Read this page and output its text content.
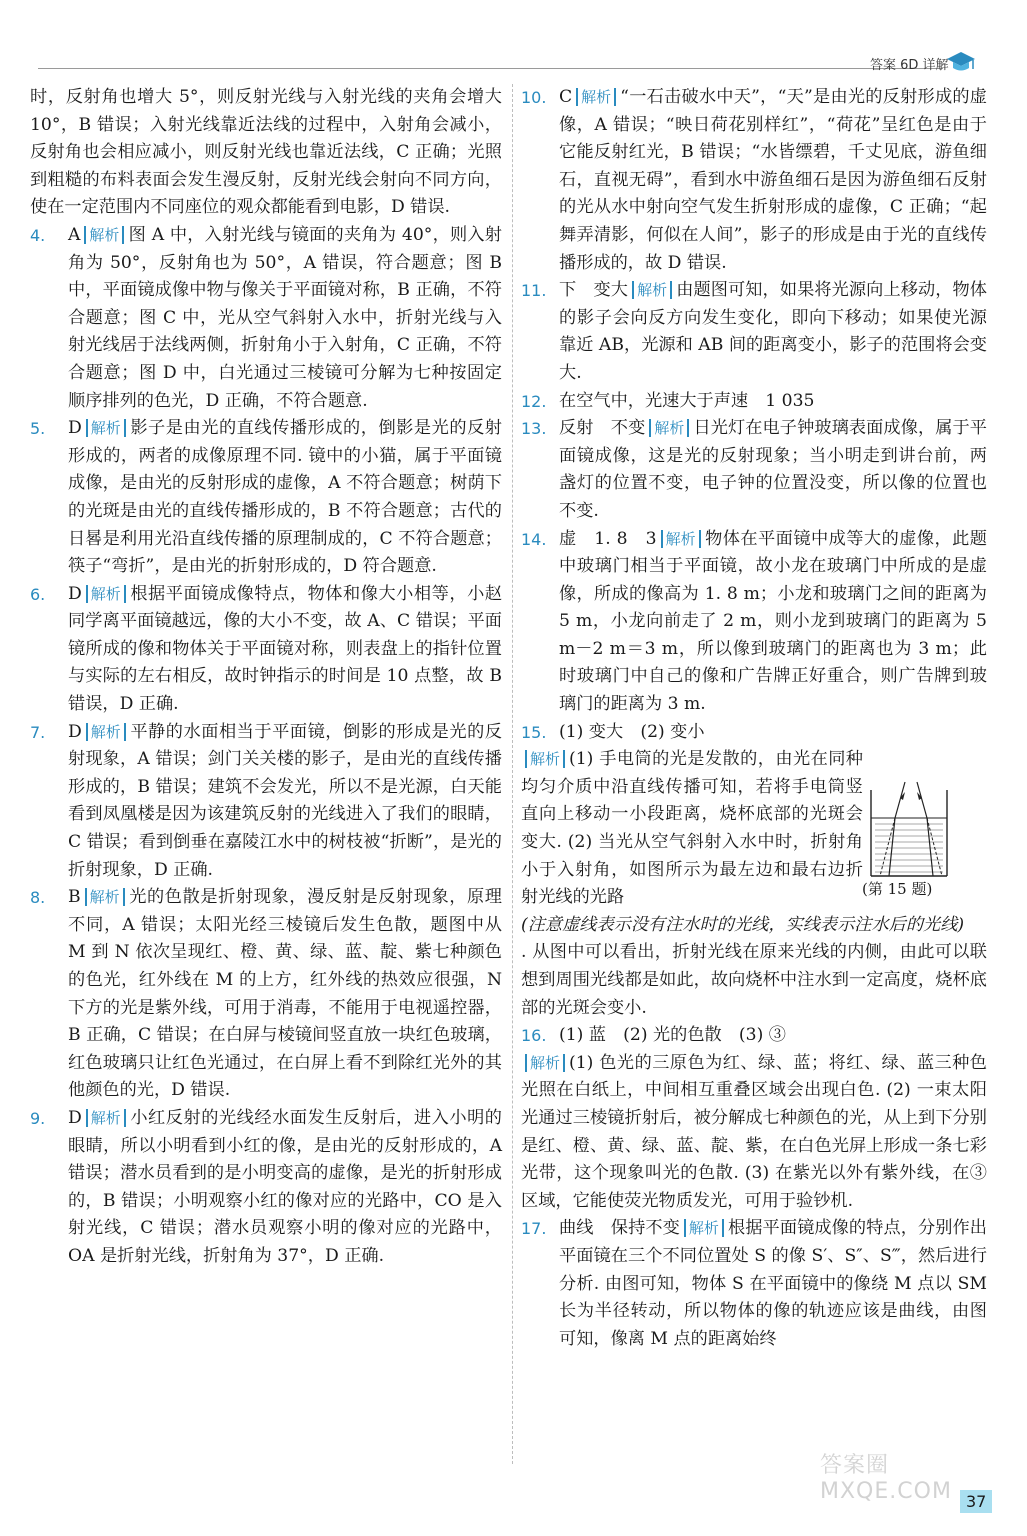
答案 6D 详解

时，反射角也增大 5°，则反射光线与入射光线的夹角会增大 10°，B 错误；入射光线靠近法线的过程中，入射角会减小，反射角也会相应减小，则反射光线也靠近法线，C 正确；光照到粗糙的布料表面会发生漫反射，反射光线会射向不同方向，使在一定范围内不同座位的观众都能看到电影，D 错误.

4. A 解析 图 A 中，入射光线与镜面的夹角为 40°，则入射角为 50°，反射角也为 50°，A 错误，符合题意；图 B 中，平面镜成像中物与像关于平面镜对称，B 正确，不符合题意；图 C 中，光从空气斜射入水中，折射光线与入射光线居于法线两侧，折射角小于入射角，C 正确，不符合题意；图 D 中，白光通过三棱镜可分解为七种按固定顺序排列的色光，D 正确，不符合题意.

5. D 解析 影子是由光的直线传播形成的，倒影是光的反射形成的，两者的成像原理不同. 镜中的小猫，属于平面镜成像，是由光的反射形成的虚像，A 不符合题意；树荫下的光斑是由光的直线传播形成的，B 不符合题意；古代的日晷是利用光沿直线传播的原理制成的，C 不符合题意；筷子“弯折”，是由光的折射形成的，D 符合题意.

6. D 解析 根据平面镜成像特点，物体和像大小相等，小赵同学离平面镜越远，像的大小不变，故 A、C 错误；平面镜所成的像和物体关于平面镜对称，则表盘上的指针位置与实际的左右相反，故时钟指示的时间是 10 点整，故 B 错误，D 正确.

7. D 解析 平静的水面相当于平面镜，倒影的形成是光的反射现象，A 错误；剑门关关楼的影子，是由光的直线传播形成的，B 错误；建筑不会发光，所以不是光源，白天能看到凤凰楼是因为该建筑反射的光线进入了我们的眼睛，C 错误；看到倒垂在嘉陵江水中的树枝被“折断”，是光的折射现象，D 正确.

8. B 解析 光的色散是折射现象，漫反射是反射现象，原理不同，A 错误；太阳光经三棱镜后发生色散，题图中从 M 到 N 依次呈现红、橙、黄、绿、蓝、靛、紫七种颜色的色光，红外线在 M 的上方，红外线的热效应很强，N 下方的光是紫外线，可用于消毒，不能用于电视遥控器，B 正确，C 错误；在白屏与棱镜间竖直放一块红色玻璃，红色玻璃只让红色光通过，在白屏上看不到除红光外的其他颜色的光，D 错误.

9. D 解析 小红反射的光线经水面发生反射后，进入小明的眼睛，所以小明看到小红的像，是由光的反射形成的，A 错误；潜水员看到的是小明变高的虚像，是光的折射形成的，B 错误；小明观察小红的像对应的光路中，CO 是入射光线，C 错误；潜水员观察小明的像对应的光路中，OA 是折射光线，折射角为 37°，D 正确.

10. C 解析 “一石击破水中天”，“天”是由光的反射形成的虚像，A 错误；“映日荷花别样红”，“荷花”呈红色是由于它能反射红光，B 错误；“水皆缥碧，千丈见底，游鱼细石，直视无碍”，看到水中游鱼细石是因为游鱼细石反射的光从水中射向空气发生折射形成的虚像，C 正确；“起舞弄清影，何似在人间”，影子的形成是由于光的直线传播形成的，故 D 错误.

11. 下　变大 解析 由题图可知，如果将光源向上移动，物体的影子会向反方向发生变化，即向下移动；如果使光源靠近 AB，光源和 AB 间的距离变小，影子的范围将会变大.

12. 在空气中，光速大于声速　1 035

13. 反射　不变 解析 日光灯在电子钟玻璃表面成像，属于平面镜成像，这是光的反射现象；当小明走到讲台前，两盏灯的位置不变，电子钟的位置没变，所以像的位置也不变.

14. 虚　1. 8　3 解析 物体在平面镜中成等大的虚像，此题中玻璃门相当于平面镜，故小龙在玻璃门中所成的是虚像，所成的像高为 1. 8 m；小龙和玻璃门之间的距离为 5 m，小龙向前走了 2 m，则小龙到玻璃门的距离为 5 m－2 m＝3 m，所以像到玻璃门的距离也为 3 m；此时玻璃门中自己的像和广告牌正好重合，则广告牌到玻璃门的距离为 3 m.

15. (1) 变大　(2) 变小

解析 (1) 手电筒的光是发散的，由光在同种均匀介质中沿直线传播可知，若将手电筒竖直向上移动一小段距离，烧杯底部的光斑会变大. (2) 当光从空气斜射入水中时，折射角小于入射角，如图所示为最左边和最右边折射光线的光路

(注意虚线表示没有注水时的光线，实线表示注水后的光线)

. 从图中可以看出，折射光线在原来光线的内侧，由此可以联想到周围光线都是如此，故向烧杯中注水到一定高度，烧杯底部的光斑会变小.

16. (1) 蓝　(2) 光的色散　(3) ③

解析 (1) 色光的三原色为红、绿、蓝；将红、绿、蓝三种色光照在白纸上，中间相互重叠区域会出现白色. (2) 一束太阳光通过三棱镜折射后，被分解成七种颜色的光，从上到下分别是红、橙、黄、绿、蓝、靛、紫，在白色光屏上形成一条七彩光带，这个现象叫光的色散. (3) 在紫光以外有紫外线，在③区域，它能使荧光物质发光，可用于验钞机.

17. 曲线　保持不变 解析 根据平面镜成像的特点，分别作出平面镜在三个不同位置处 S 的像 S′、S″、S‴，然后进行分析. 由图可知，物体 S 在平面镜中的像绕 M 点以 SM 长为半径转动，所以物体的像的轨迹应该是曲线，由图可知，像离 M 点的距离始终

(第 15 题)
答案圈 MXQE.COM 37
